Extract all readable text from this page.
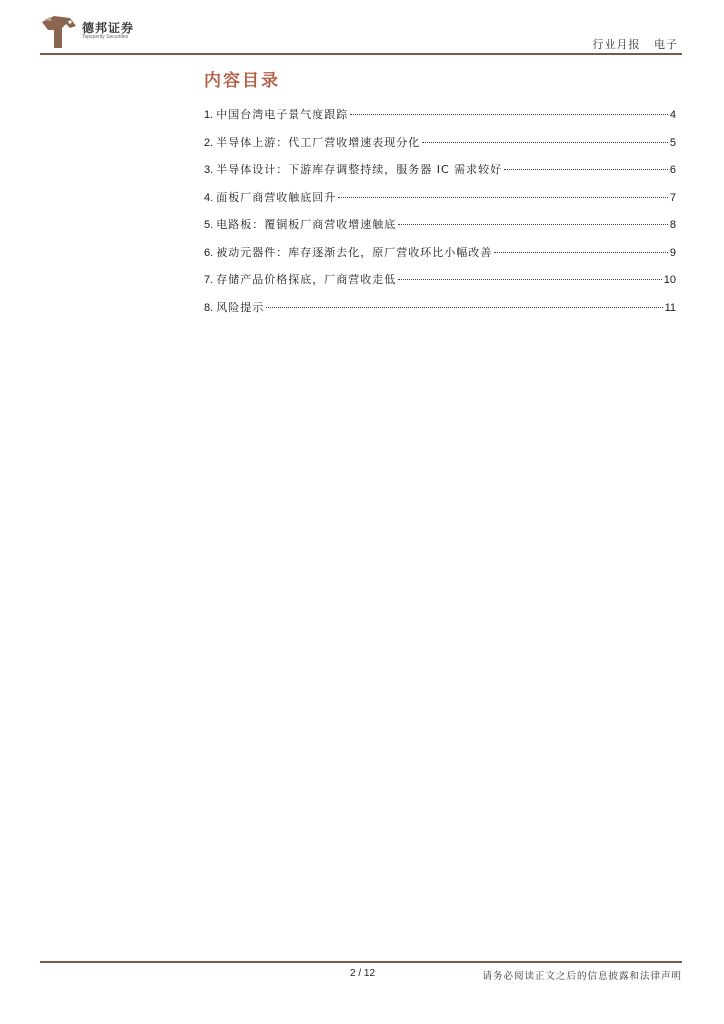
德邦证券
Topsperity Securities
行业月报 电子
内容目录
1. 中国台湾电子景气度跟踪	4
2. 半导体上游：代工厂营收增速表现分化	5
3. 半导体设计：下游库存调整持续，服务器 IC 需求较好	6
4. 面板厂商营收触底回升	7
5. 电路板：覆铜板厂商营收增速触底	8
6. 被动元器件：库存逐渐去化，原厂营收环比小幅改善	9
7. 存储产品价格探底，厂商营收走低	10
8. 风险提示	11
2 / 12	请务必阅读正文之后的信息披露和法律声明
